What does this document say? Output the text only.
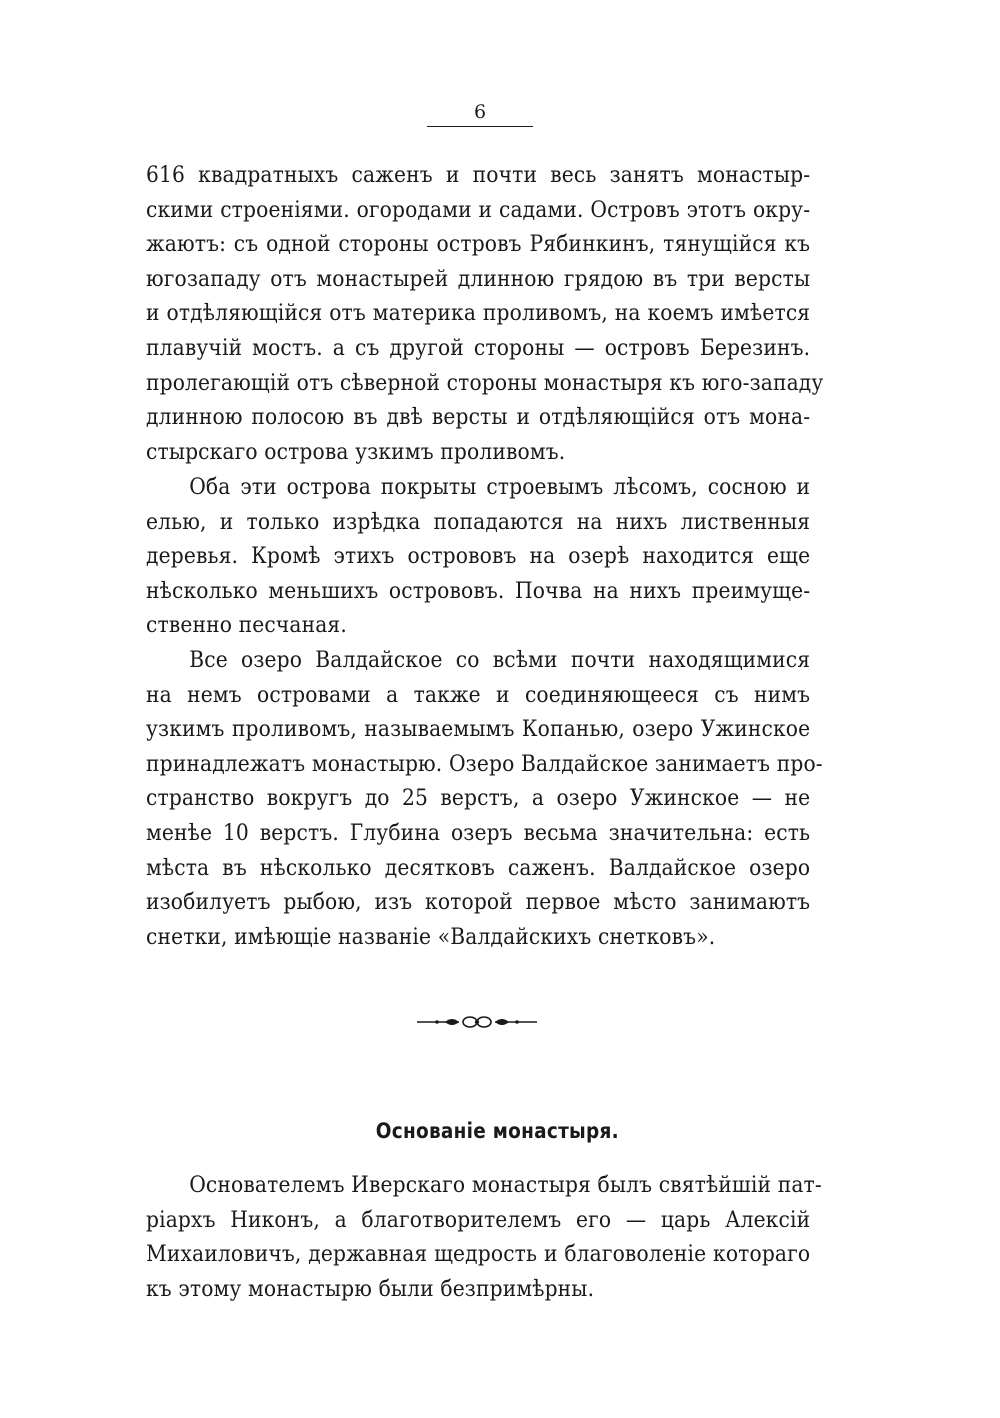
6
616 квадратныхъ саженъ и почти весь занятъ монастыр-
скими строеніями. огородами и садами. Островъ этотъ окру-
жаютъ: съ одной стороны островъ Рябинкинъ, тянущійся къ
югозападу отъ монастырей длинною грядою въ три версты
и отдѣляющійся отъ материка проливомъ, на коемъ имѣется
плавучій мостъ. а съ другой стороны — островъ Березинъ.
пролегающій отъ сѣверной стороны монастыря къ юго-западу
длинною полосою въ двѣ версты и отдѣляющійся отъ мона-
стырскаго острова узкимъ проливомъ.
Оба эти острова покрыты строевымъ лѣсомъ, сосною и
елью, и только изрѣдка попадаются на нихъ лиственныя
деревья. Кромѣ этихъ острововъ на озерѣ находится еще
нѣсколько меньшихъ острововъ. Почва на нихъ преимуще-
ственно песчаная.
Все озеро Валдайское со всѣми почти находящимися
на немъ островами а также и соединяющееся съ нимъ
узкимъ проливомъ, называемымъ Копанью, озеро Ужинское
принадлежатъ монастырю. Озеро Валдайское занимаетъ про-
странство вокругъ до 25 верстъ, а озеро Ужинское — не
менѣе 10 верстъ. Глубина озеръ весьма значительна: есть
мѣста въ нѣсколько десятковъ саженъ. Валдайское озеро
изобилуетъ рыбою, изъ которой первое мѣсто занимаютъ
снетки, имѣющіе названіе «Валдайскихъ снетковъ».
Основаніе монастыря.
Основателемъ Иверскаго монастыря былъ святѣйшій пат-
ріархъ Никонъ, а благотворителемъ его — царь Алексій
Михаиловичъ, державная щедрость и благоволеніе котораго
къ этому монастырю были безпримѣрны.
